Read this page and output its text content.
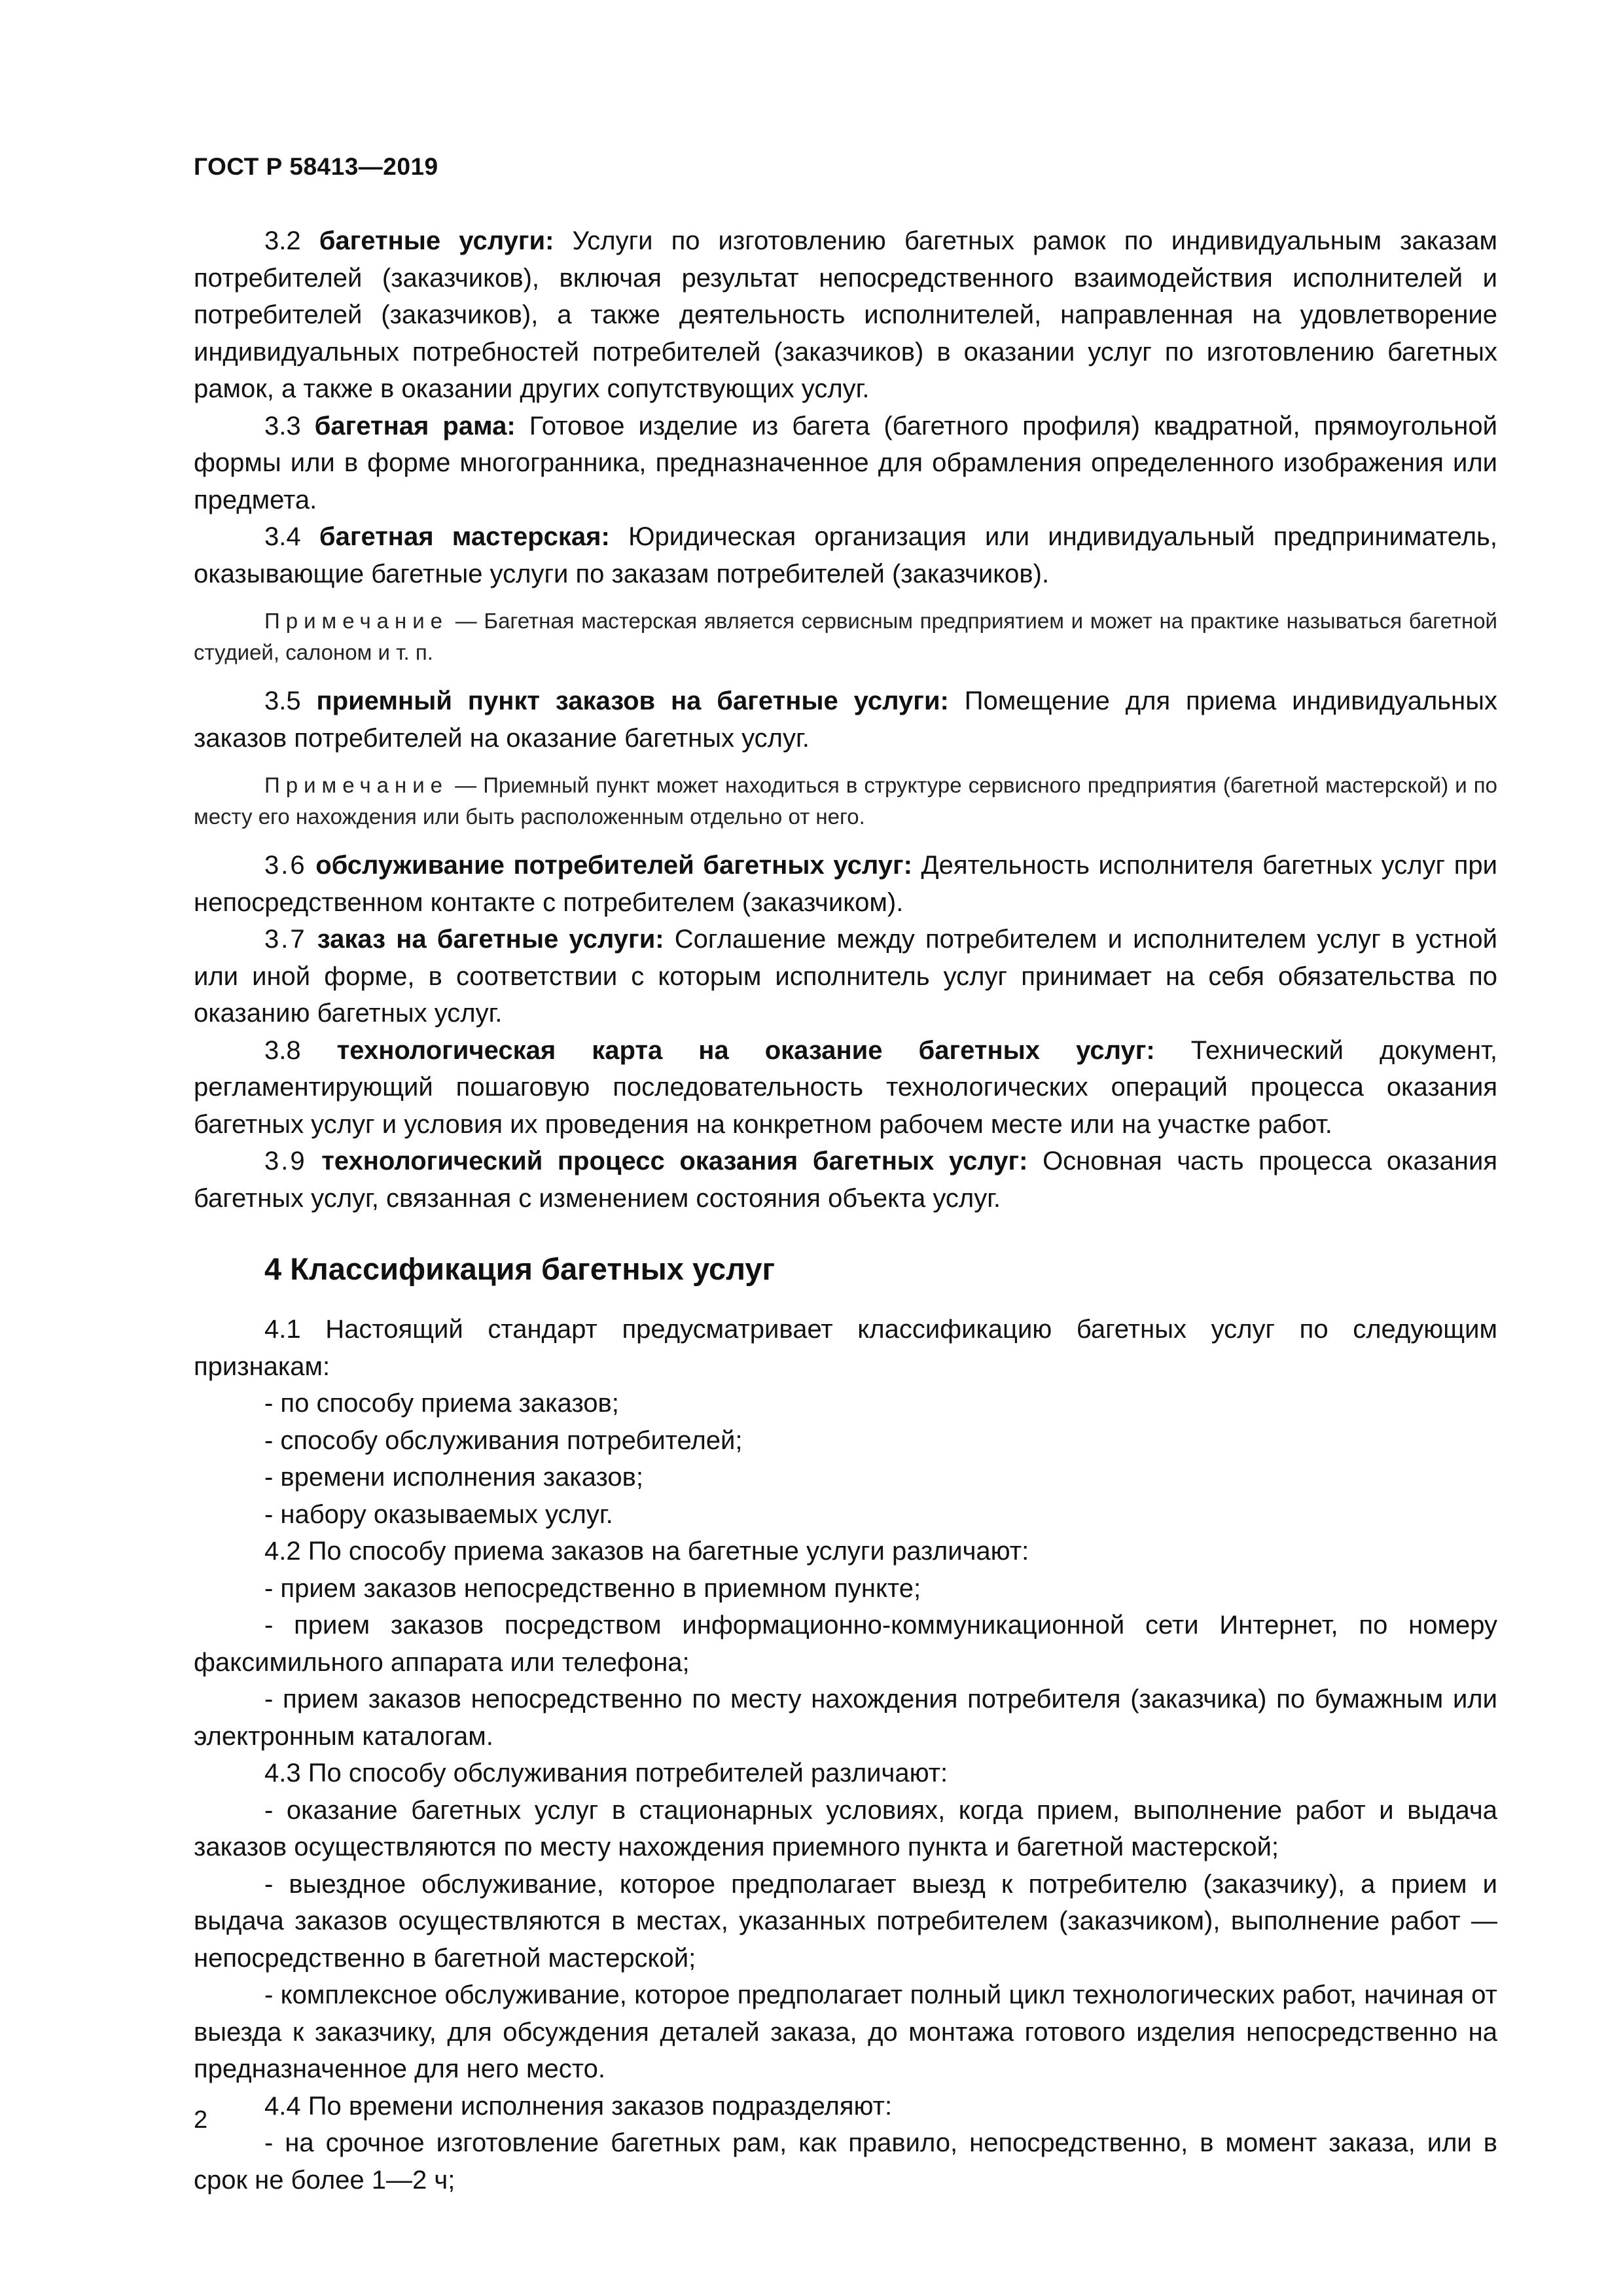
ГОСТ Р 58413—2019

3.2 багетные услуги: Услуги по изготовлению багетных рамок по индивидуальным заказам потребителей (заказчиков), включая результат непосредственного взаимодействия исполнителей и потребителей (заказчиков), а также деятельность исполнителей, направленная на удовлетворение индивидуальных потребностей потребителей (заказчиков) в оказании услуг по изготовлению багетных рамок, а также в оказании других сопутствующих услуг.

3.3 багетная рама: Готовое изделие из багета (багетного профиля) квадратной, прямоугольной формы или в форме многогранника, предназначенное для обрамления определенного изображения или предмета.

3.4 багетная мастерская: Юридическая организация или индивидуальный предприниматель, оказывающие багетные услуги по заказам потребителей (заказчиков).

Примечание — Багетная мастерская является сервисным предприятием и может на практике называться багетной студией, салоном и т. п.

3.5 приемный пункт заказов на багетные услуги: Помещение для приема индивидуальных заказов потребителей на оказание багетных услуг.

Примечание — Приемный пункт может находиться в структуре сервисного предприятия (багетной мастерской) и по месту его нахождения или быть расположенным отдельно от него.

3.6 обслуживание потребителей багетных услуг: Деятельность исполнителя багетных услуг при непосредственном контакте с потребителем (заказчиком).

3.7 заказ на багетные услуги: Соглашение между потребителем и исполнителем услуг в устной или иной форме, в соответствии с которым исполнитель услуг принимает на себя обязательства по оказанию багетных услуг.

3.8 технологическая карта на оказание багетных услуг: Технический документ, регламентирующий пошаговую последовательность технологических операций процесса оказания багетных услуг и условия их проведения на конкретном рабочем месте или на участке работ.

3.9 технологический процесс оказания багетных услуг: Основная часть процесса оказания багетных услуг, связанная с изменением состояния объекта услуг.

4 Классификация багетных услуг

4.1 Настоящий стандарт предусматривает классификацию багетных услуг по следующим признакам:

- по способу приема заказов;

- способу обслуживания потребителей;

- времени исполнения заказов;

- набору оказываемых услуг.

4.2 По способу приема заказов на багетные услуги различают:

- прием заказов непосредственно в приемном пункте;

- прием заказов посредством информационно-коммуникационной сети Интернет, по номеру факсимильного аппарата или телефона;

- прием заказов непосредственно по месту нахождения потребителя (заказчика) по бумажным или электронным каталогам.

4.3 По способу обслуживания потребителей различают:

- оказание багетных услуг в стационарных условиях, когда прием, выполнение работ и выдача заказов осуществляются по месту нахождения приемного пункта и багетной мастерской;

- выездное обслуживание, которое предполагает выезд к потребителю (заказчику), а прием и выдача заказов осуществляются в местах, указанных потребителем (заказчиком), выполнение работ — непосредственно в багетной мастерской;

- комплексное обслуживание, которое предполагает полный цикл технологических работ, начиная от выезда к заказчику, для обсуждения деталей заказа, до монтажа готового изделия непосредственно на предназначенное для него место.

4.4 По времени исполнения заказов подразделяют:

- на срочное изготовление багетных рам, как правило, непосредственно, в момент заказа, или в срок не более 1—2 ч;

2
